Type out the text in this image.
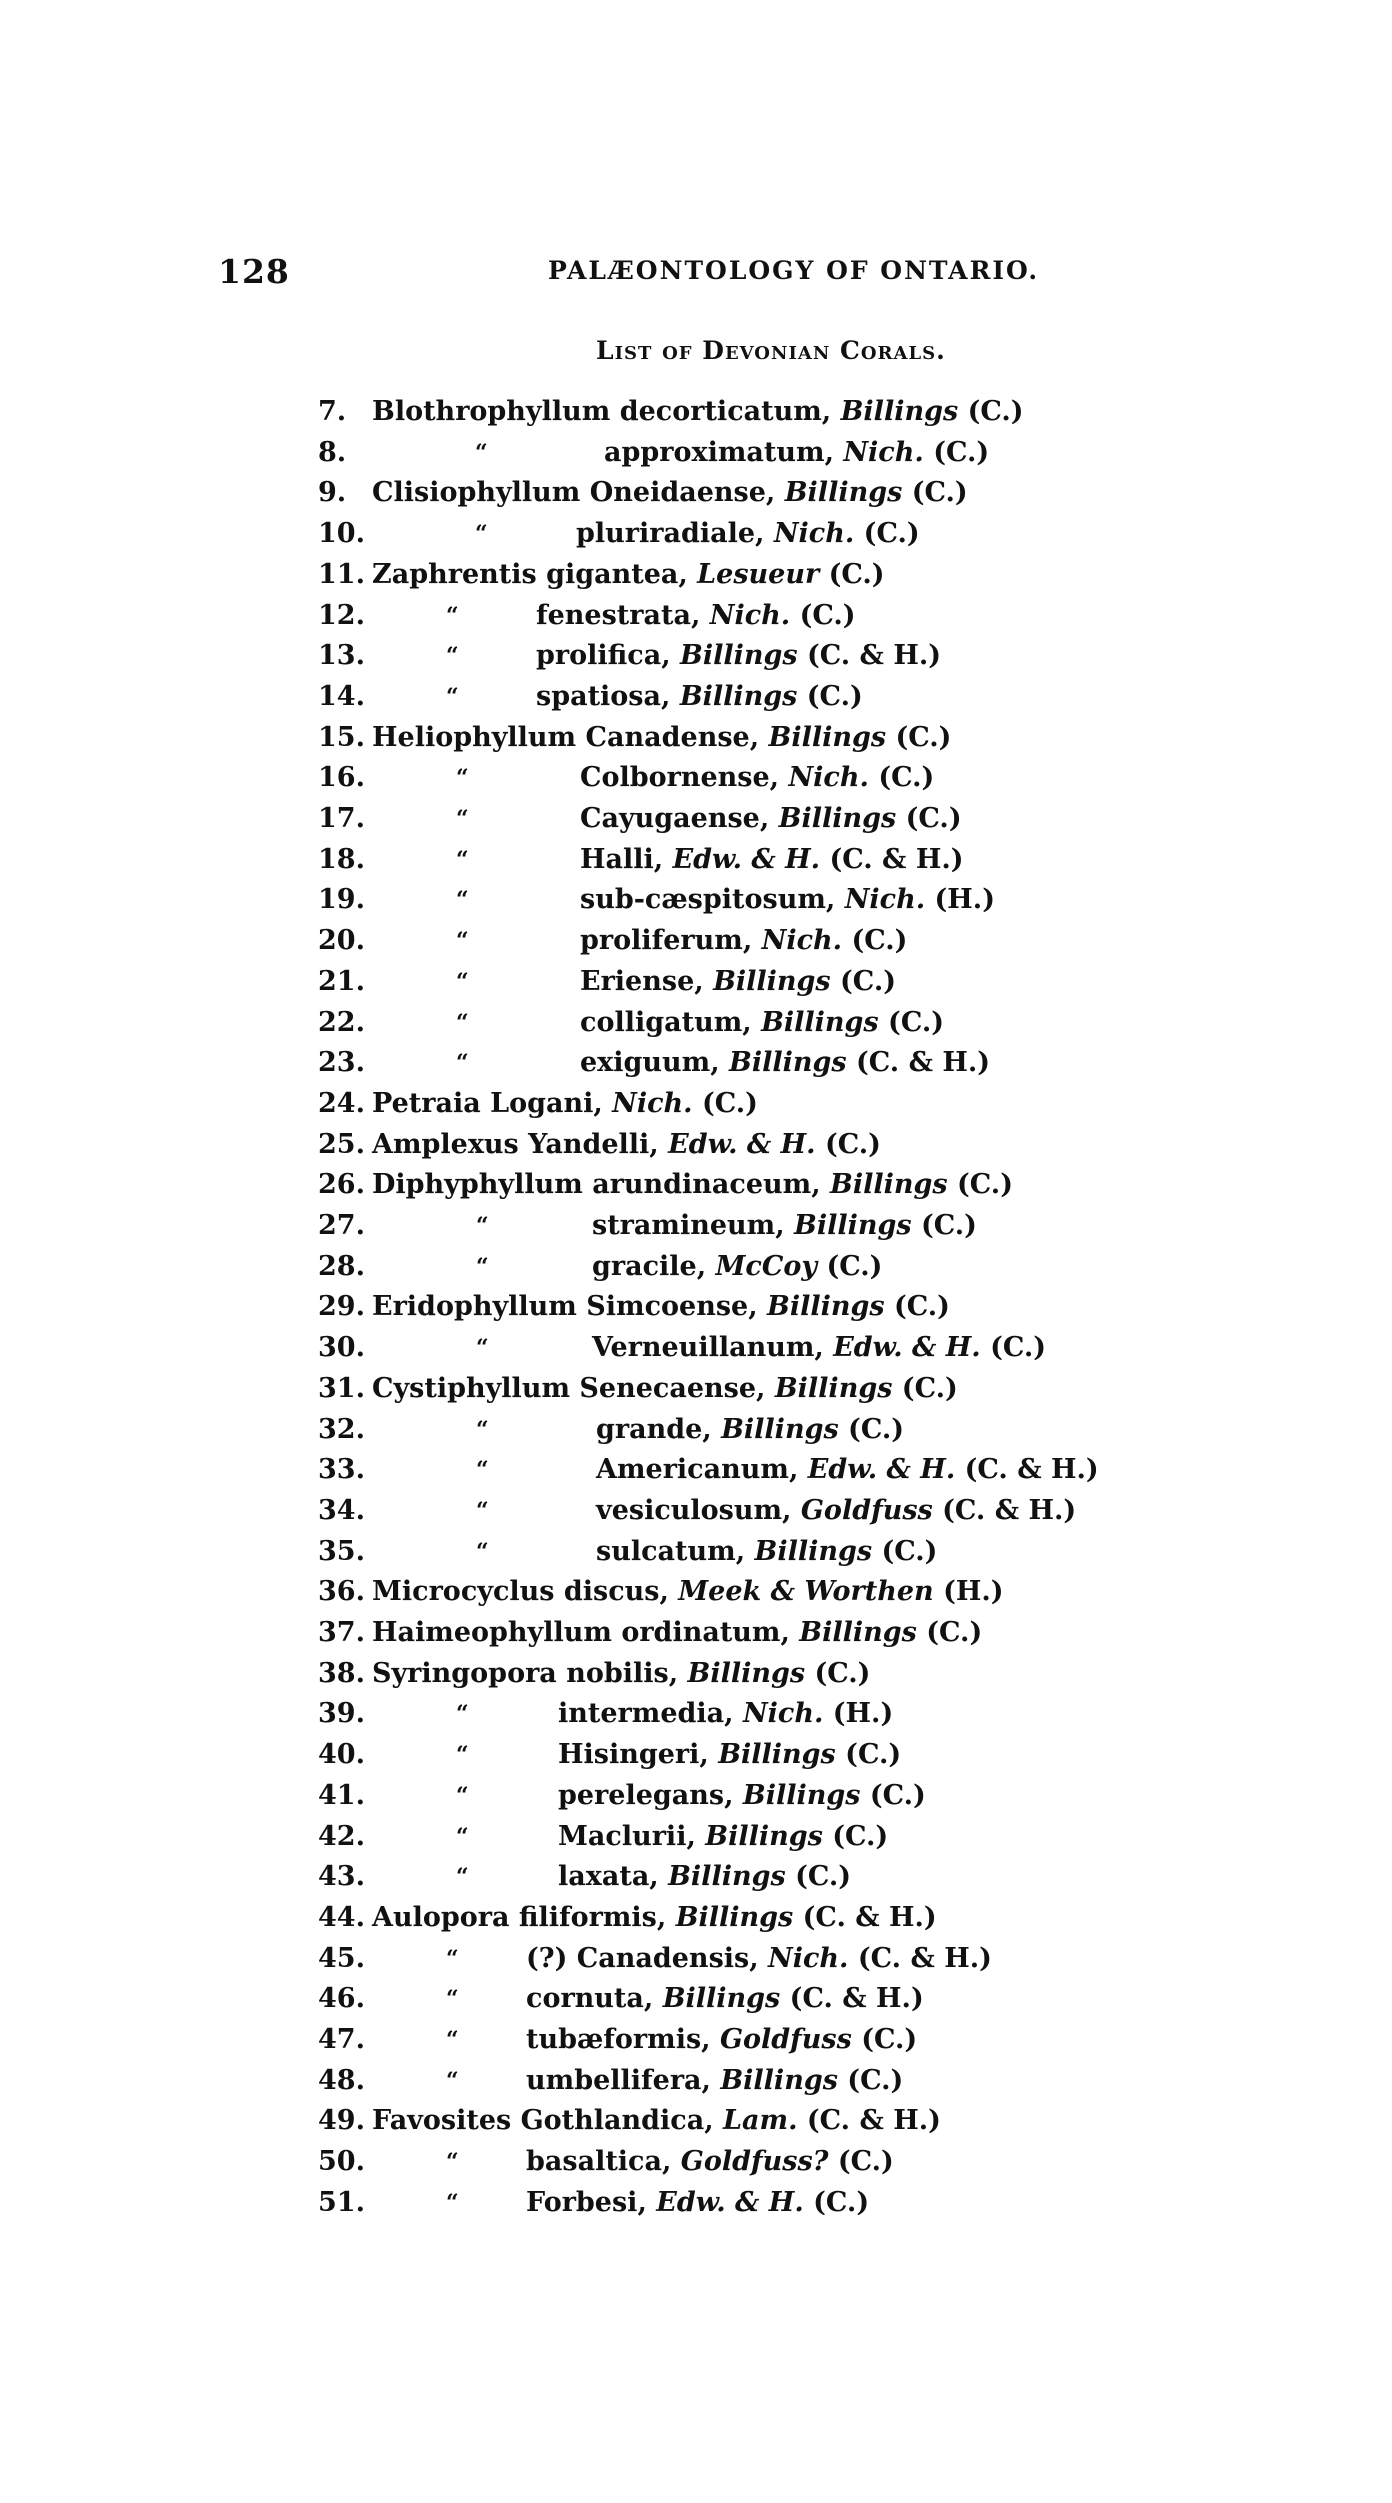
128	PALÆONTOLOGY OF ONTARIO.
List of Devonian Corals.
7. Blothrophyllum decorticatum, Billings (C.)
8.	“	approximatum, Nich. (C.)
9. Clisiophyllum Oneidaense, Billings (C.)
10.	“	pluriradiale, Nich. (C.)
11. Zaphrentis gigantea, Lesueur (C.)
12.	“	fenestrata, Nich. (C.)
13.	“	prolifica, Billings (C. & H.)
14.	“	spatiosa, Billings (C.)
15. Heliophyllum Canadense, Billings (C.)
16.	“	Colbornense, Nich. (C.)
17.	“	Cayugaense, Billings (C.)
18.	“	Halli, Edw. & H. (C. & H.)
19.	“	sub-cæspitosum, Nich. (H.)
20.	“	proliferum, Nich. (C.)
21.	“	Eriense, Billings (C.)
22.	“	colligatum, Billings (C.)
23.	“	exiguum, Billings (C. & H.)
24. Petraia Logani, Nich. (C.)
25. Amplexus Yandelli, Edw. & H. (C.)
26. Diphyphyllum arundinaceum, Billings (C.)
27.	“	stramineum, Billings (C.)
28.	“	gracile, McCoy (C.)
29. Eridophyllum Simcoense, Billings (C.)
30.	“	Verneuillanum, Edw. & H. (C.)
31. Cystiphyllum Senecaense, Billings (C.)
32.	“	grande, Billings (C.)
33.	“	Americanum, Edw. & H. (C. & H.)
34.	“	vesiculosum, Goldfuss (C. & H.)
35.	“	sulcatum, Billings (C.)
36. Microcyclus discus, Meek & Worthen (H.)
37. Haimeophyllum ordinatum, Billings (C.)
38. Syringopora nobilis, Billings (C.)
39.	“	intermedia, Nich. (H.)
40.	“	Hisingeri, Billings (C.)
41.	“	perelegans, Billings (C.)
42.	“	Maclurii, Billings (C.)
43.	“	laxata, Billings (C.)
44. Aulopora filiformis, Billings (C. & H.)
45.	“ (?) Canadensis, Nich. (C. & H.)
46.	“ cornuta, Billings (C. & H.)
47.	“ tubæformis, Goldfuss (C.)
48.	“ umbellifera, Billings (C.)
49. Favosites Gothlandica, Lam. (C. & H.)
50.	“ basaltica, Goldfuss? (C.)
51.	“ Forbesi, Edw. & H. (C.)
